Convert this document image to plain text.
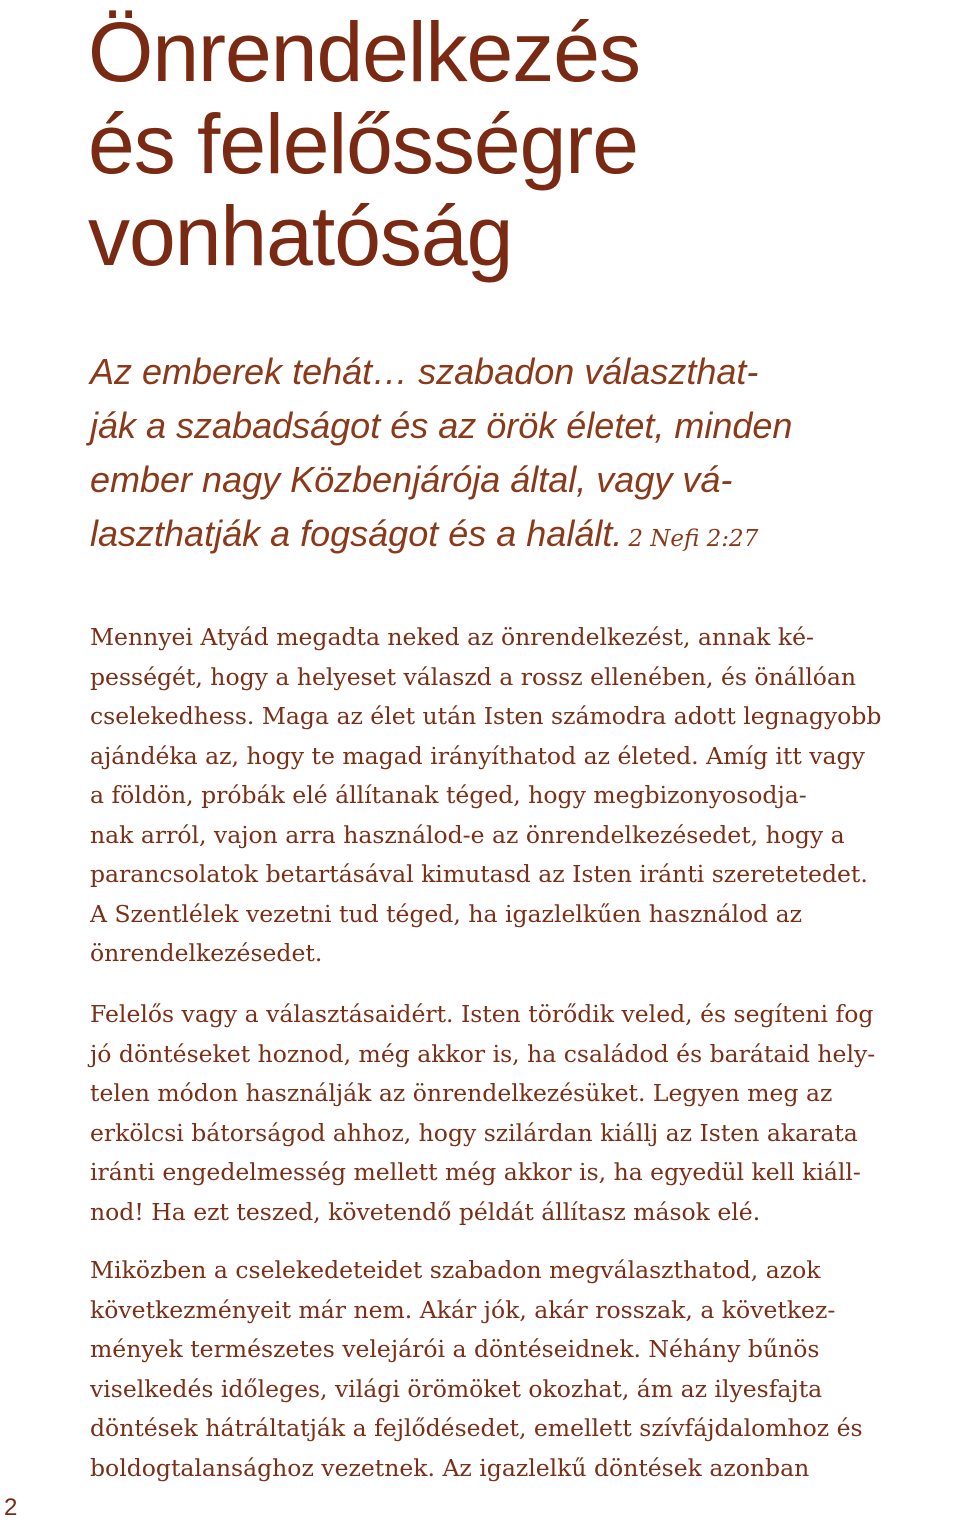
Önrendelkezés
és felelősségre
vonhatóság
Az emberek tehát… szabadon választhat-
ják a szabadságot és az örök életet, minden
ember nagy Közbenjárója által, vagy vá-
laszthatják a fogságot és a halált. 2 Nefi 2:27
Mennyei Atyád megadta neked az önrendelkezést, annak ké-
pességét, hogy a helyeset válaszd a rossz ellenében, és önállóan
cselekedhess. Maga az élet után Isten számodra adott legnagyobb
ajándéka az, hogy te magad irányíthatod az életed. Amíg itt vagy
a földön, próbák elé állítanak téged, hogy megbizonyosodja-
nak arról, vajon arra használod-e az önrendelkezésedet, hogy a
parancsolatok betartásával kimutasd az Isten iránti szeretetedet.
A Szentlélek vezetni tud téged, ha igazlelkűen használod az
önrendelkezésedet.
Felelős vagy a választásaidért. Isten törődik veled, és segíteni fog
jó döntéseket hoznod, még akkor is, ha családod és barátaid hely-
telen módon használják az önrendelkezésüket. Legyen meg az
erkölcsi bátorságod ahhoz, hogy szilárdan kiállj az Isten akarata
iránti engedelmesség mellett még akkor is, ha egyedül kell kiáll-
nod! Ha ezt teszed, követendő példát állítasz mások elé.
Miközben a cselekedeteidet szabadon megválaszthatod, azok
következményeit már nem. Akár jók, akár rosszak, a következ-
mények természetes velejárói a döntéseidnek. Néhány bűnös
viselkedés időleges, világi örömöket okozhat, ám az ilyesfajta
döntések hátráltatják a fejlődésedet, emellett szívfájdalomhoz és
boldogtalansághoz vezetnek. Az igazlelkű döntések azonban
2
